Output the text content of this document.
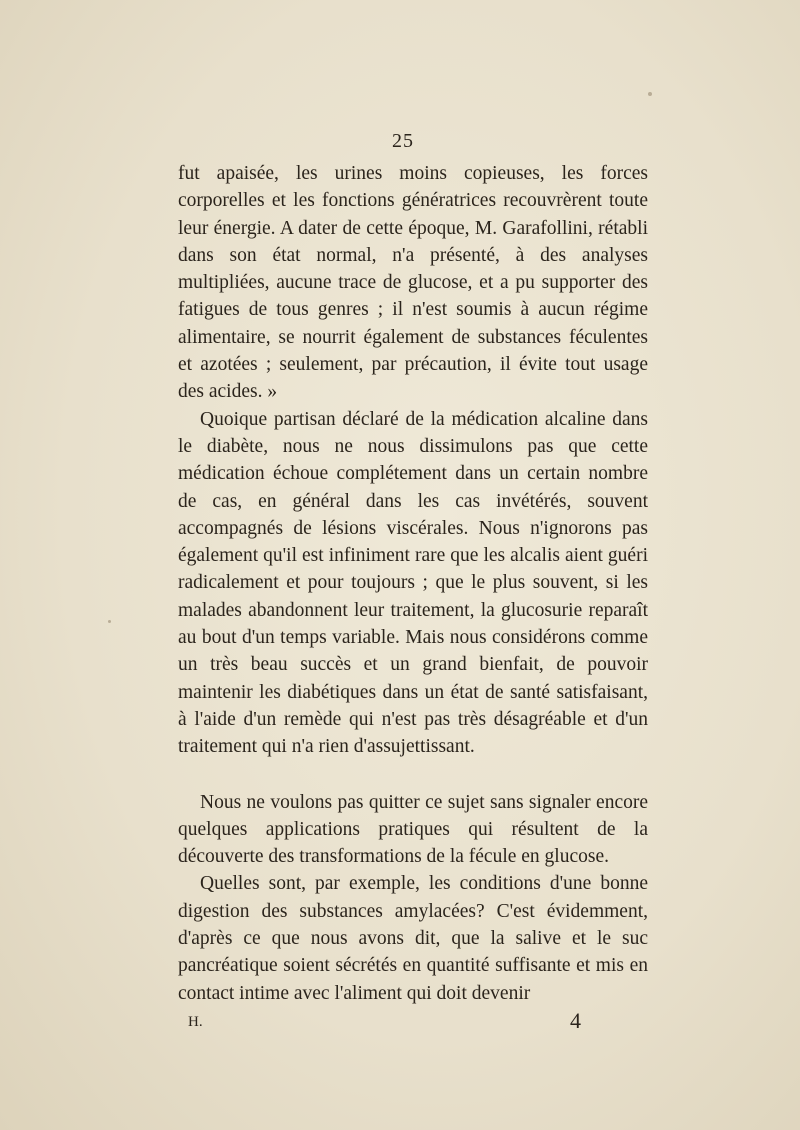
25

fut apaisée, les urines moins copieuses, les forces corporelles et les fonctions génératrices recouvrèrent toute leur énergie. A dater de cette époque, M. Garafollini, rétabli dans son état normal, n'a présenté, à des analyses multipliées, aucune trace de glucose, et a pu supporter des fatigues de tous genres ; il n'est soumis à aucun régime alimentaire, se nourrit également de substances féculentes et azotées ; seulement, par précaution, il évite tout usage des acides. »

Quoique partisan déclaré de la médication alcaline dans le diabète, nous ne nous dissimulons pas que cette médication échoue complétement dans un certain nombre de cas, en général dans les cas invétérés, souvent accompagnés de lésions viscérales. Nous n'ignorons pas également qu'il est infiniment rare que les alcalis aient guéri radicalement et pour toujours ; que le plus souvent, si les malades abandonnent leur traitement, la glucosurie reparaît au bout d'un temps variable. Mais nous considérons comme un très beau succès et un grand bienfait, de pouvoir maintenir les diabétiques dans un état de santé satisfaisant, à l'aide d'un remède qui n'est pas très désagréable et d'un traitement qui n'a rien d'assujettissant.

Nous ne voulons pas quitter ce sujet sans signaler encore quelques applications pratiques qui résultent de la découverte des transformations de la fécule en glucose.

Quelles sont, par exemple, les conditions d'une bonne digestion des substances amylacées? C'est évidemment, d'après ce que nous avons dit, que la salive et le suc pancréatique soient sécrétés en quantité suffisante et mis en contact intime avec l'aliment qui doit devenir

H.	4
